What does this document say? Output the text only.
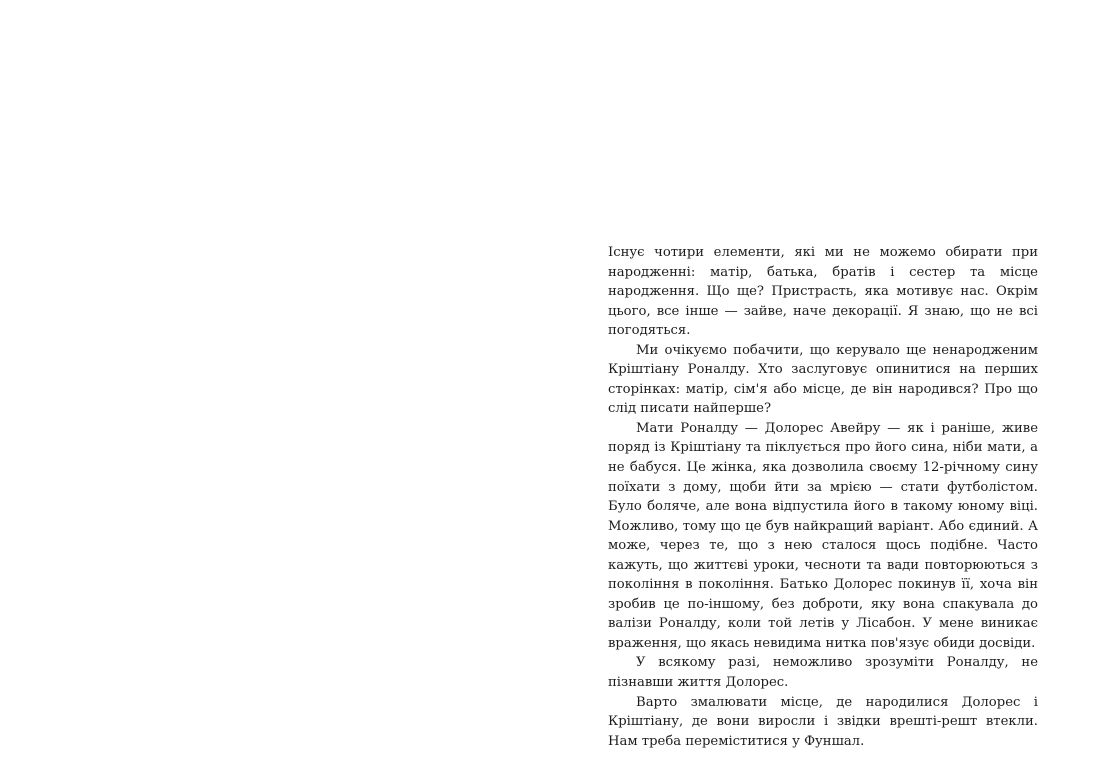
Існує чотири елементи, які ми не можемо обирати при народженні: матір, батька, братів і сестер та місце народження. Що ще? Пристрасть, яка мотивує нас. Окрім цього, все інше — зайве, наче декорації. Я знаю, що не всі погодяться.

Ми очікуємо побачити, що керувало ще ненародженим Кріштіану Роналду. Хто заслуговує опинитися на перших сторінках: матір, сім'я або місце, де він народився? Про що слід писати найперше?

Мати Роналду — Долорес Авейру — як і раніше, живе поряд із Кріштіану та піклується про його сина, ніби мати, а не бабуся. Це жінка, яка дозволила своєму 12-річному сину поїхати з дому, щоби йти за мрією — стати футболістом. Було боляче, але вона відпустила його в такому юному віці. Можливо, тому що це був найкращий варіант. Або єдиний. А може, через те, що з нею сталося щось подібне. Часто кажуть, що життєві уроки, чесноти та вади повторюються з покоління в покоління. Батько Долорес покинув її, хоча він зробив це по-іншому, без доброти, яку вона спакувала до валізи Роналду, коли той летів у Лісабон. У мене виникає враження, що якась невидима нитка пов'язує обиди досвіди.

У всякому разі, неможливо зрозуміти Роналду, не пізнавши життя Долорес.

Варто змалювати місце, де народилися Долорес і Кріштіану, де вони виросли і звідки врешті-решт втекли. Нам треба переміститися у Фуншал.
